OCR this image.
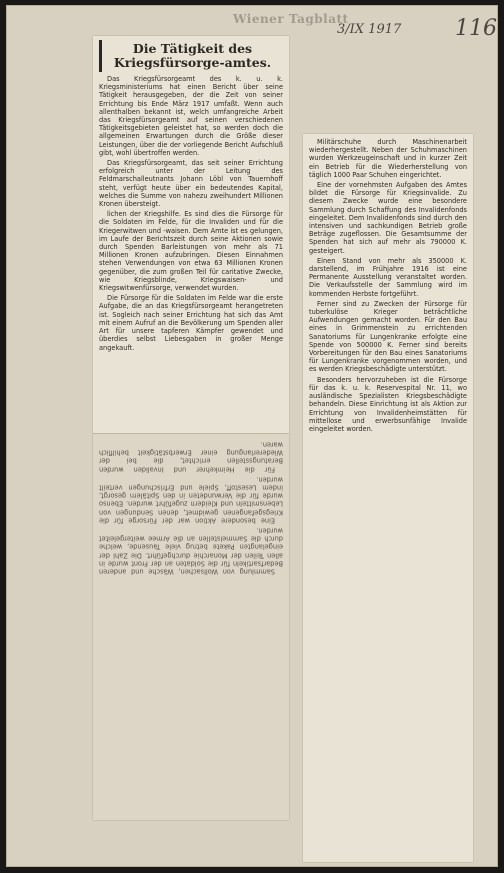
Wiener Tagblatt
3/IX 1917 116
Die Tätigkeit des Kriegsfürsorge-amtes.

Das Kriegsfürsorgeamt des k. u. k. Kriegsministeriums hat einen Bericht über seine Tätigkeit herausgegeben, der die Zeit von seiner Errichtung bis Ende März 1917 umfaßt. Wenn auch allenthalben bekannt ist, welch umfangreiche Arbeit das Kriegsfürsorgeamt auf seinen verschiedenen Tätigkeitsgebieten geleistet hat, so werden doch die allgemeinen Erwartungen durch die Größe dieser Leistungen, über die der vorliegende Bericht Aufschluß gibt, wohl übertroffen werden.

Das Kriegsfürsorgeamt, das seit seiner Errichtung erfolgreich unter der Leitung des Feldmarschalleutnants Johann Löbl von Tauernhoff steht, verfügt heute über ein bedeutendes Kapital, welches die Summe von nahezu zweihundert Millionen Kronen übersteigt.

lichen der Kriegshilfe. Es sind dies die Fürsorge für die Soldaten im Felde, für die Invaliden und für die Kriegerwitwen und -waisen. Dem Amte ist es gelungen, im Laufe der Berichtszeit durch seine Aktionen sowie durch Spenden Barleistungen von mehr als 71 Millionen Kronen aufzubringen. Diesen Einnahmen stehen Verwendungen von etwa 63 Millionen Kronen gegenüber, die zum großen Teil für caritative Zwecke, wie Kriegsblinde, Kriegswaisen- und Kriegswitwenfürsorge, verwendet wurden.

Die Fürsorge für die Soldaten im Felde war die erste Aufgabe, die an das Kriegsfürsorgeamt herangetreten ist. Sogleich nach seiner Errichtung hat sich das Amt mit einem Aufruf an die Bevölkerung um Spenden aller Art für unsere tapferen Kämpfer gewendet und überdies selbst Liebesgaben in großer Menge angekauft.

Sammlung von Wollsachen, Wäsche und anderen Bedarfsartikeln für die Soldaten an der Front wurde in allen Teilen der Monarchie durchgeführt. Die Zahl der eingelangten Pakete betrug viele Tausende, welche durch die Sammelstellen an die Armee weitergeleitet wurden.

Eine besondere Aktion war der Fürsorge für die Kriegsgefangenen gewidmet, denen Sendungen von Lebensmitteln und Kleidern zugeführt wurden. Ebenso wurde für die Verwundeten in den Spitälern gesorgt, indem Lesestoff, Spiele und Erfrischungen verteilt wurden.

Für die Heimkehrer und Invaliden wurden Beratungsstellen errichtet, die bei der Wiedererlangung einer Erwerbstätigkeit behilflich waren.

Militärschuhe durch Maschinenarbeit wiederhergestellt. Neben der Schuhmaschinen wurden Werkzeugeinschaft und in kurzer Zeit ein Betrieb für die Wiederherstellung von täglich 1000 Paar Schuhen eingerichtet.

Eine der vornehmsten Aufgaben des Amtes bildet die Fürsorge für Kriegsinvalide. Zu diesem Zwecke wurde eine besondere Sammlung durch Schaffung des Invalidenfonds eingeleitet. Dem Invalidenfonds sind durch den intensiven und sachkundigen Betrieb große Beträge zugeflossen. Die Gesamtsumme der Spenden hat sich auf mehr als 790000 K. gesteigert.

Einen Stand von mehr als 350000 K. darstellend, im Frühjahre 1916 ist eine Permanente Ausstellung veranstaltet worden. Die Verkaufsstelle der Sammlung wird im kommenden Herbste fortgeführt.

Ferner sind zu Zwecken der Fürsorge für tuberkulöse Krieger beträchtliche Aufwendungen gemacht worden. Für den Bau eines in Grimmenstein zu errichtenden Sanatoriums für Lungenkranke erfolgte eine Spende von 500000 K. Ferner sind bereits Vorbereitungen für den Bau eines Sanatoriums für Lungenkranke vorgenommen worden, und es werden Kriegsbeschädigte unterstützt.

Besonders hervorzuheben ist die Fürsorge für das k. u. k. Reservespital Nr. 11, wo ausländische Spezialisten Kriegsbeschädigte behandeln. Diese Einrichtung ist als Aktion zur Errichtung von Invalidenheimstätten für mittellose und erwerbsunfähige Invalide eingeleitet worden.
